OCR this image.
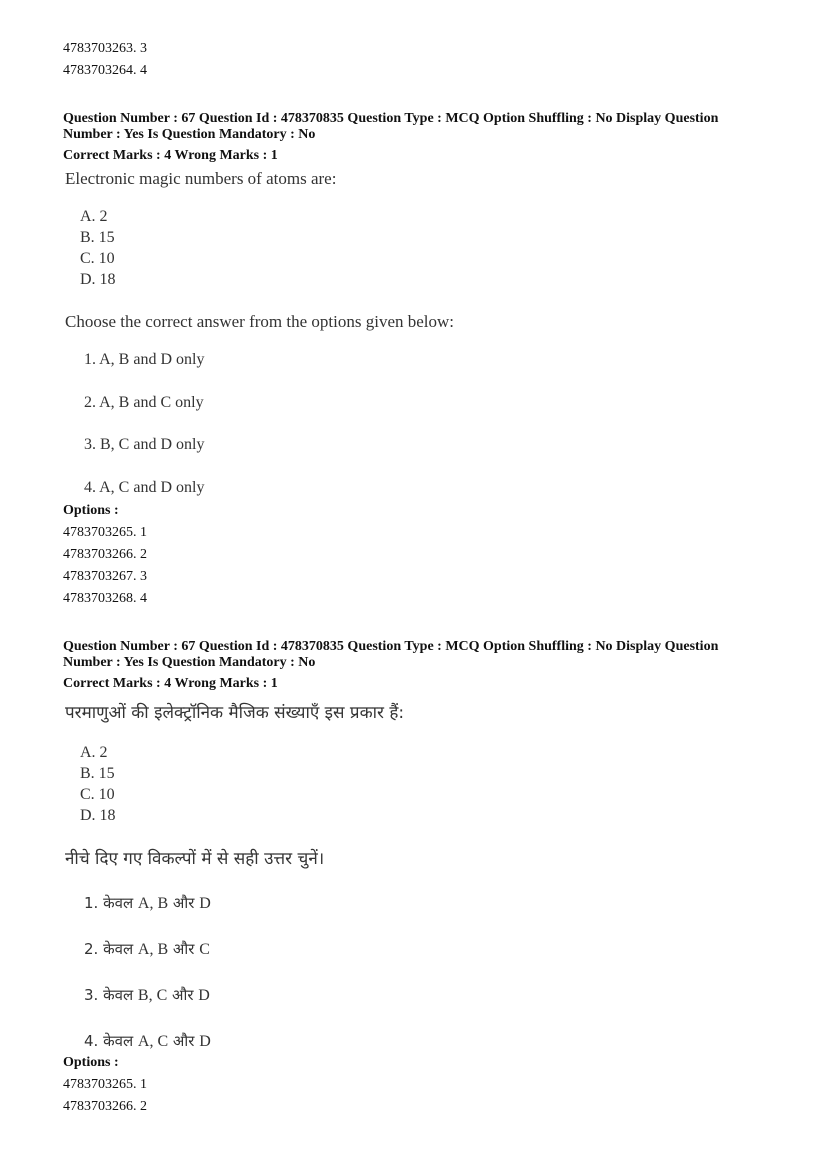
4783703263. 3
4783703264. 4
Question Number : 67 Question Id : 478370835 Question Type : MCQ Option Shuffling : No Display Question
Number : Yes Is Question Mandatory : No
Correct Marks : 4 Wrong Marks : 1
Electronic magic numbers of atoms are:
A. 2
B. 15
C. 10
D. 18
Choose the correct answer from the options given below:
1. A, B and D only
2. A, B and C only
3. B, C and D only
4. A, C and D only
Options :
4783703265. 1
4783703266. 2
4783703267. 3
4783703268. 4
Question Number : 67 Question Id : 478370835 Question Type : MCQ Option Shuffling : No Display Question
Number : Yes Is Question Mandatory : No
Correct Marks : 4 Wrong Marks : 1
परमाणुओं की इलेक्ट्रॉनिक मैजिक संख्याएँ इस प्रकार हैं:
A. 2
B. 15
C. 10
D. 18
नीचे दिए गए विकल्पों में से सही उत्तर चुनें।
1. केवल A, B और D
2. केवल A, B और C
3. केवल B, C और D
4. केवल A, C और D
Options :
4783703265. 1
4783703266. 2
